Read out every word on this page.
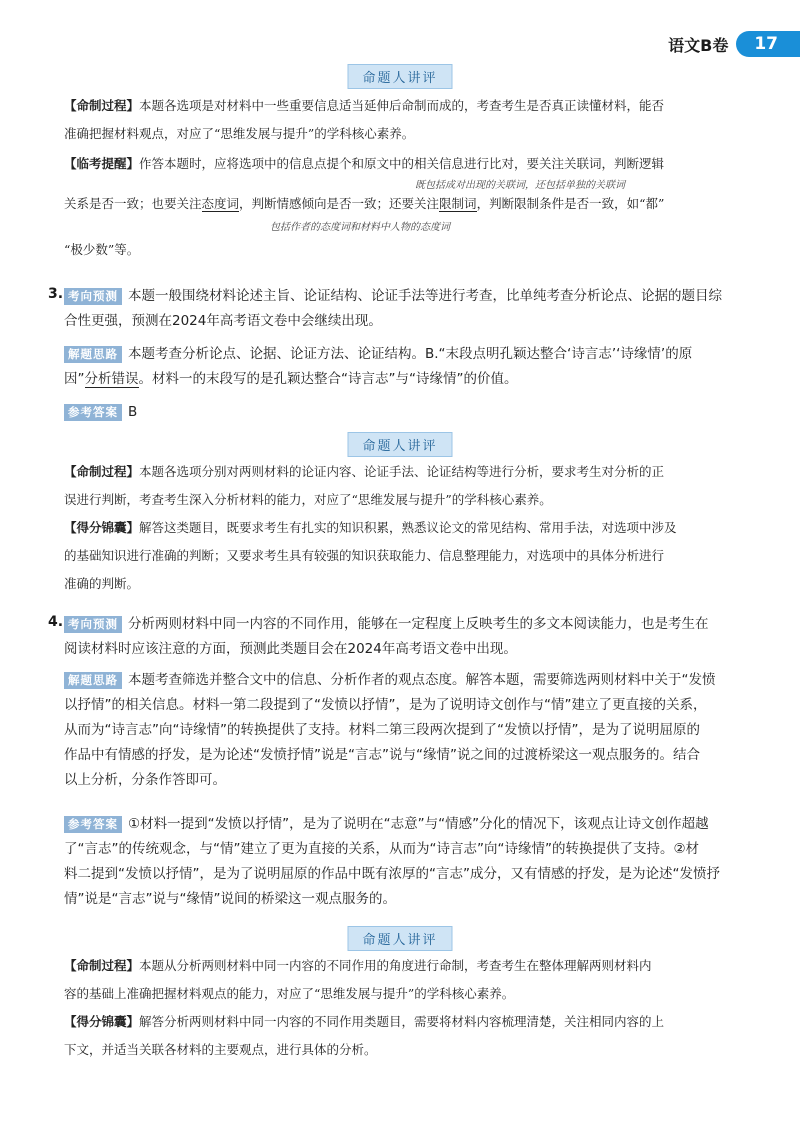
语文B卷	17
命题人讲评
【命制过程】本题各选项是对材料中一些重要信息适当延伸后命制而成的，考查考生是否真正读懂材料，能否
准确把握材料观点，对应了“思维发展与提升”的学科核心素养。
【临考提醒】作答本题时，应将选项中的信息点提个和原文中的相关信息进行比对，要关注关联词，判断逻辑
既包括成对出现的关联词，还包括单独的关联词
关系是否一致；也要关注态度词，判断情感倾向是否一致；还要关注限制词，判断限制条件是否一致，如“都”
包括作者的态度词和材料中人物的态度词
“极少数”等。
3. 考向预测 本题一般围绕材料论述主旨、论证结构、论证手法等进行考查，比单纯考查分析论点、论据的题目综
合性更强，预测在2024年高考语文卷中会继续出现。
解题思路 本题考查分析论点、论据、论证方法、论证结构。B.“末段点明孔颖达整合‘诗言志’‘诗缘情’的原
因”分析错误。材料一的末段写的是孔颖达整合“诗言志”与“诗缘情”的价值。
参考答案 B
命题人讲评
【命制过程】本题各选项分别对两则材料的论证内容、论证手法、论证结构等进行分析，要求考生对分析的正
误进行判断，考查考生深入分析材料的能力，对应了“思维发展与提升”的学科核心素养。
【得分锦囊】解答这类题目，既要求考生有扎实的知识积累，熟悉议论文的常见结构、常用手法，对选项中涉及
的基础知识进行准确的判断；又要求考生具有较强的知识获取能力、信息整理能力，对选项中的具体分析进行
准确的判断。
4. 考向预测 分析两则材料中同一内容的不同作用，能够在一定程度上反映考生的多文本阅读能力，也是考生在
阅读材料时应该注意的方面，预测此类题目会在2024年高考语文卷中出现。
解题思路 本题考查筛选并整合文中的信息、分析作者的观点态度。解答本题，需要筛选两则材料中关于“发愤
以抒情”的相关信息。材料一第二段提到了“发愤以抒情”，是为了说明诗文创作与“情”建立了更直接的关系，
从而为“诗言志”向“诗缘情”的转换提供了支持。材料二第三段两次提到了“发愤以抒情”，是为了说明屈原的
作品中有情感的抒发，是为论述“发愤抒情”说是“言志”说与“缘情”说之间的过渡桥梁这一观点服务的。结合
以上分析，分条作答即可。
参考答案 ①材料一提到“发愤以抒情”，是为了说明在“志意”与“情感”分化的情况下，该观点让诗文创作超越
了“言志”的传统观念，与“情”建立了更为直接的关系，从而为“诗言志”向“诗缘情”的转换提供了支持。②材
料二提到“发愤以抒情”，是为了说明屈原的作品中既有浓厚的“言志”成分，又有情感的抒发，是为论述“发愤抒
情”说是“言志”说与“缘情”说间的桥梁这一观点服务的。
命题人讲评
【命制过程】本题从分析两则材料中同一内容的不同作用的角度进行命制，考查考生在整体理解两则材料内
容的基础上准确把握材料观点的能力，对应了“思维发展与提升”的学科核心素养。
【得分锦囊】解答分析两则材料中同一内容的不同作用类题目，需要将材料内容梳理清楚，关注相同内容的上
下文，并适当关联各材料的主要观点，进行具体的分析。
